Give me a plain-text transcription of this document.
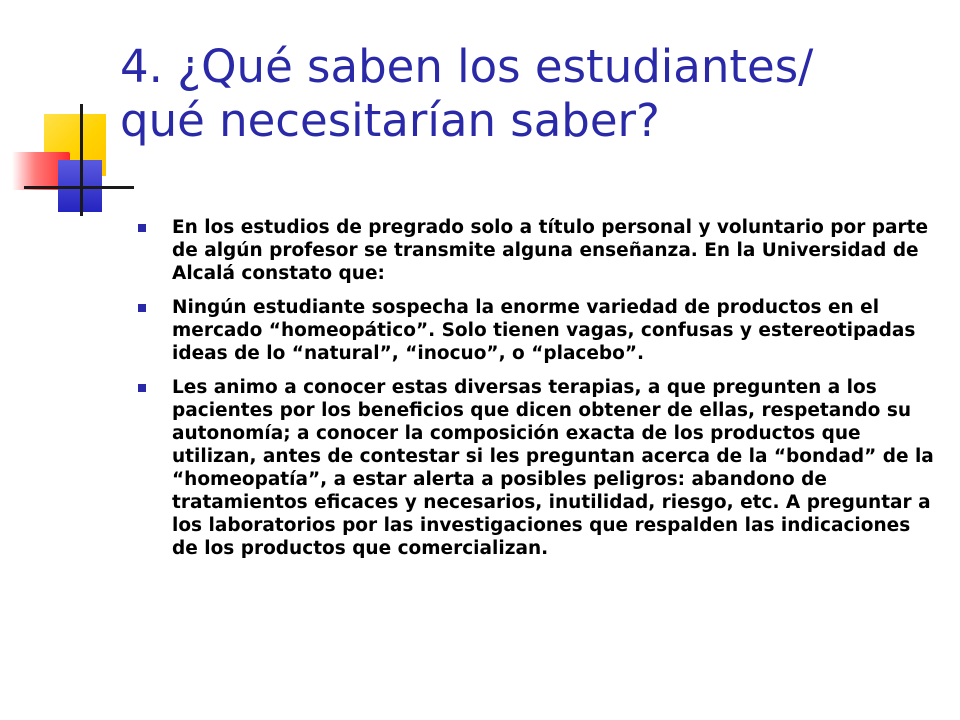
4. ¿Qué saben los estudiantes/
qué necesitarían saber?
En los estudios de pregrado solo a título personal y voluntario por parte de algún profesor se transmite alguna enseñanza. En la Universidad de Alcalá constato que:
Ningún estudiante sospecha la enorme variedad de productos en el mercado “homeopático”. Solo tienen vagas, confusas y estereotipadas ideas de lo “natural”, “inocuo”, o “placebo”.
Les animo a conocer estas diversas terapias, a que pregunten a los pacientes por los beneficios que dicen obtener de ellas, respetando su autonomía; a conocer la composición exacta de los productos que utilizan, antes de contestar si les preguntan acerca de la “bondad” de la “homeopatía”, a estar alerta a posibles peligros: abandono de tratamientos eficaces y necesarios, inutilidad, riesgo, etc. A preguntar a los laboratorios por las investigaciones que respalden las indicaciones de los productos que comercializan.
